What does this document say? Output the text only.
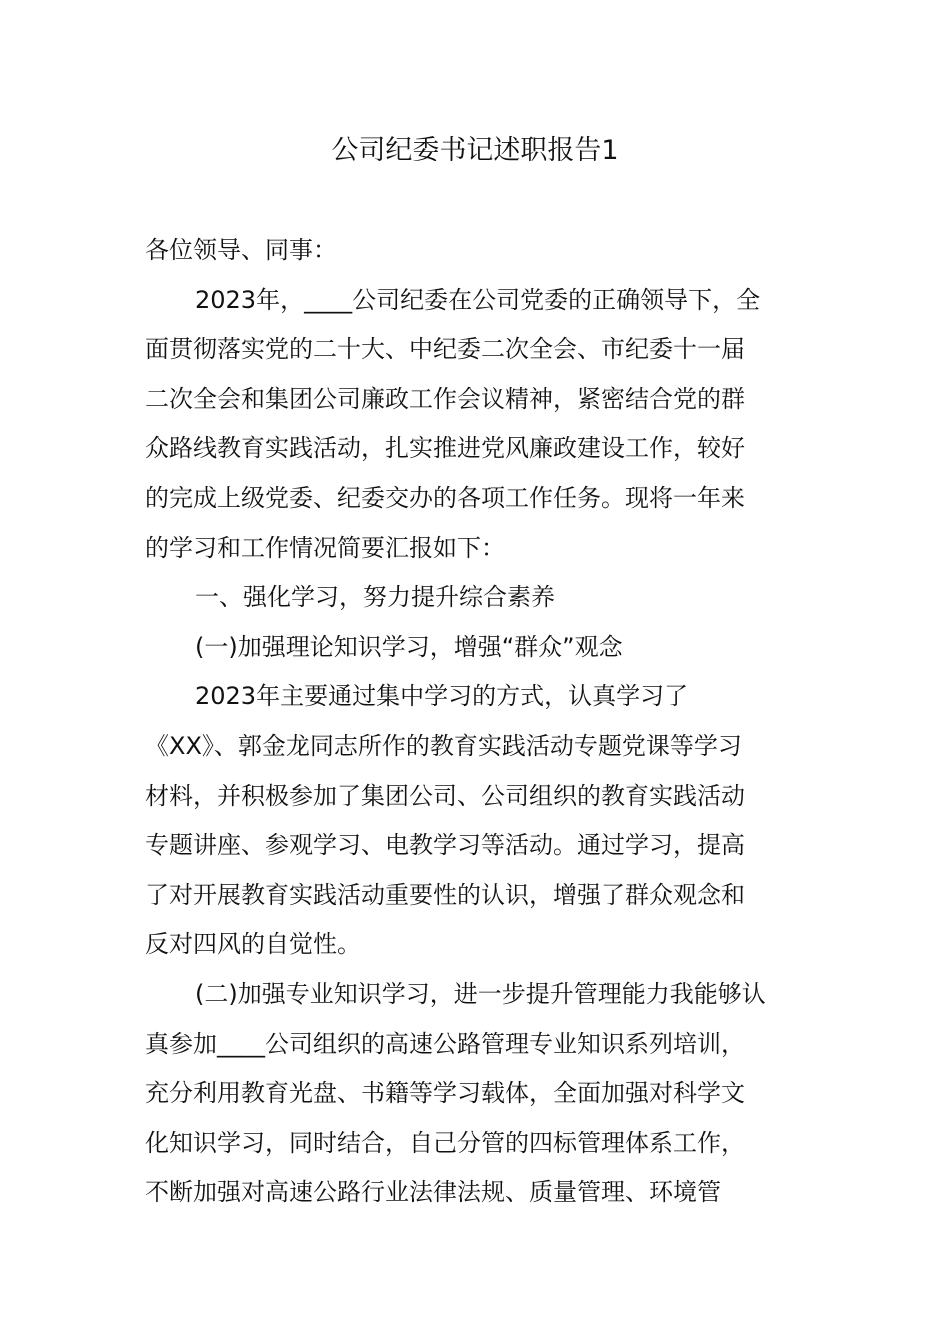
公司纪委书记述职报告1
各位领导、同事：
2023年，____公司纪委在公司党委的正确领导下，全
面贯彻落实党的二十大、中纪委二次全会、市纪委十一届
二次全会和集团公司廉政工作会议精神，紧密结合党的群
众路线教育实践活动，扎实推进党风廉政建设工作，较好
的完成上级党委、纪委交办的各项工作任务。现将一年来
的学习和工作情况简要汇报如下：
一、强化学习，努力提升综合素养
(一)加强理论知识学习，增强“群众”观念
2023年主要通过集中学习的方式，认真学习了
《XX》、郭金龙同志所作的教育实践活动专题党课等学习
材料，并积极参加了集团公司、公司组织的教育实践活动
专题讲座、参观学习、电教学习等活动。通过学习，提高
了对开展教育实践活动重要性的认识，增强了群众观念和
反对四风的自觉性。
(二)加强专业知识学习，进一步提升管理能力我能够认
真参加____公司组织的高速公路管理专业知识系列培训，
充分利用教育光盘、书籍等学习载体，全面加强对科学文
化知识学习，同时结合，自己分管的四标管理体系工作，
不断加强对高速公路行业法律法规、质量管理、环境管
